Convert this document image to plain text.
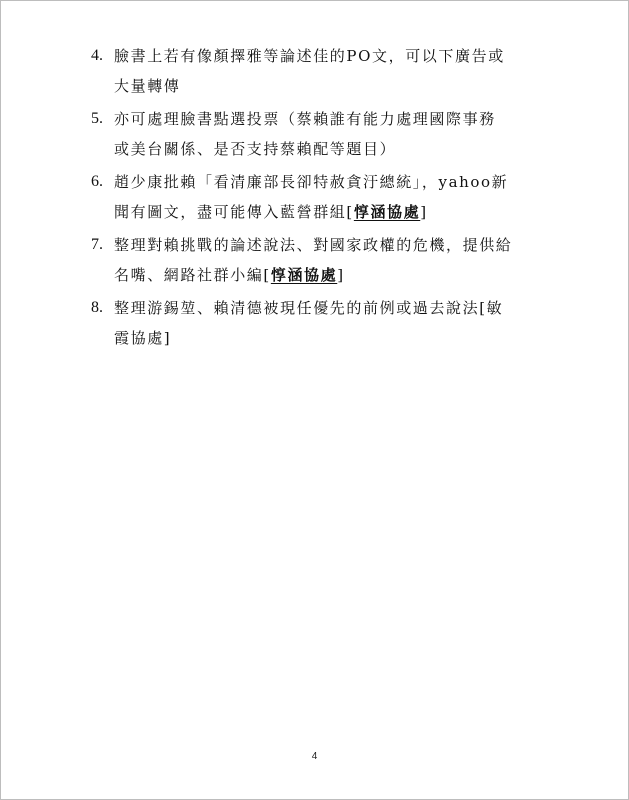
4. 臉書上若有像顏擇雅等論述佳的PO文，可以下廣告或
大量轉傳
5. 亦可處理臉書點選投票（蔡賴誰有能力處理國際事務
或美台關係、是否支持蔡賴配等題目）
6. 趙少康批賴「看清廉部長卻特赦貪汙總統」，yahoo新
聞有圖文，盡可能傳入藍營群組[惇涵協處]
7. 整理對賴挑戰的論述說法、對國家政權的危機，提供給
名嘴、網路社群小編[惇涵協處]
8. 整理游錫堃、賴清德被現任優先的前例或過去說法[敏
霞協處]
4
